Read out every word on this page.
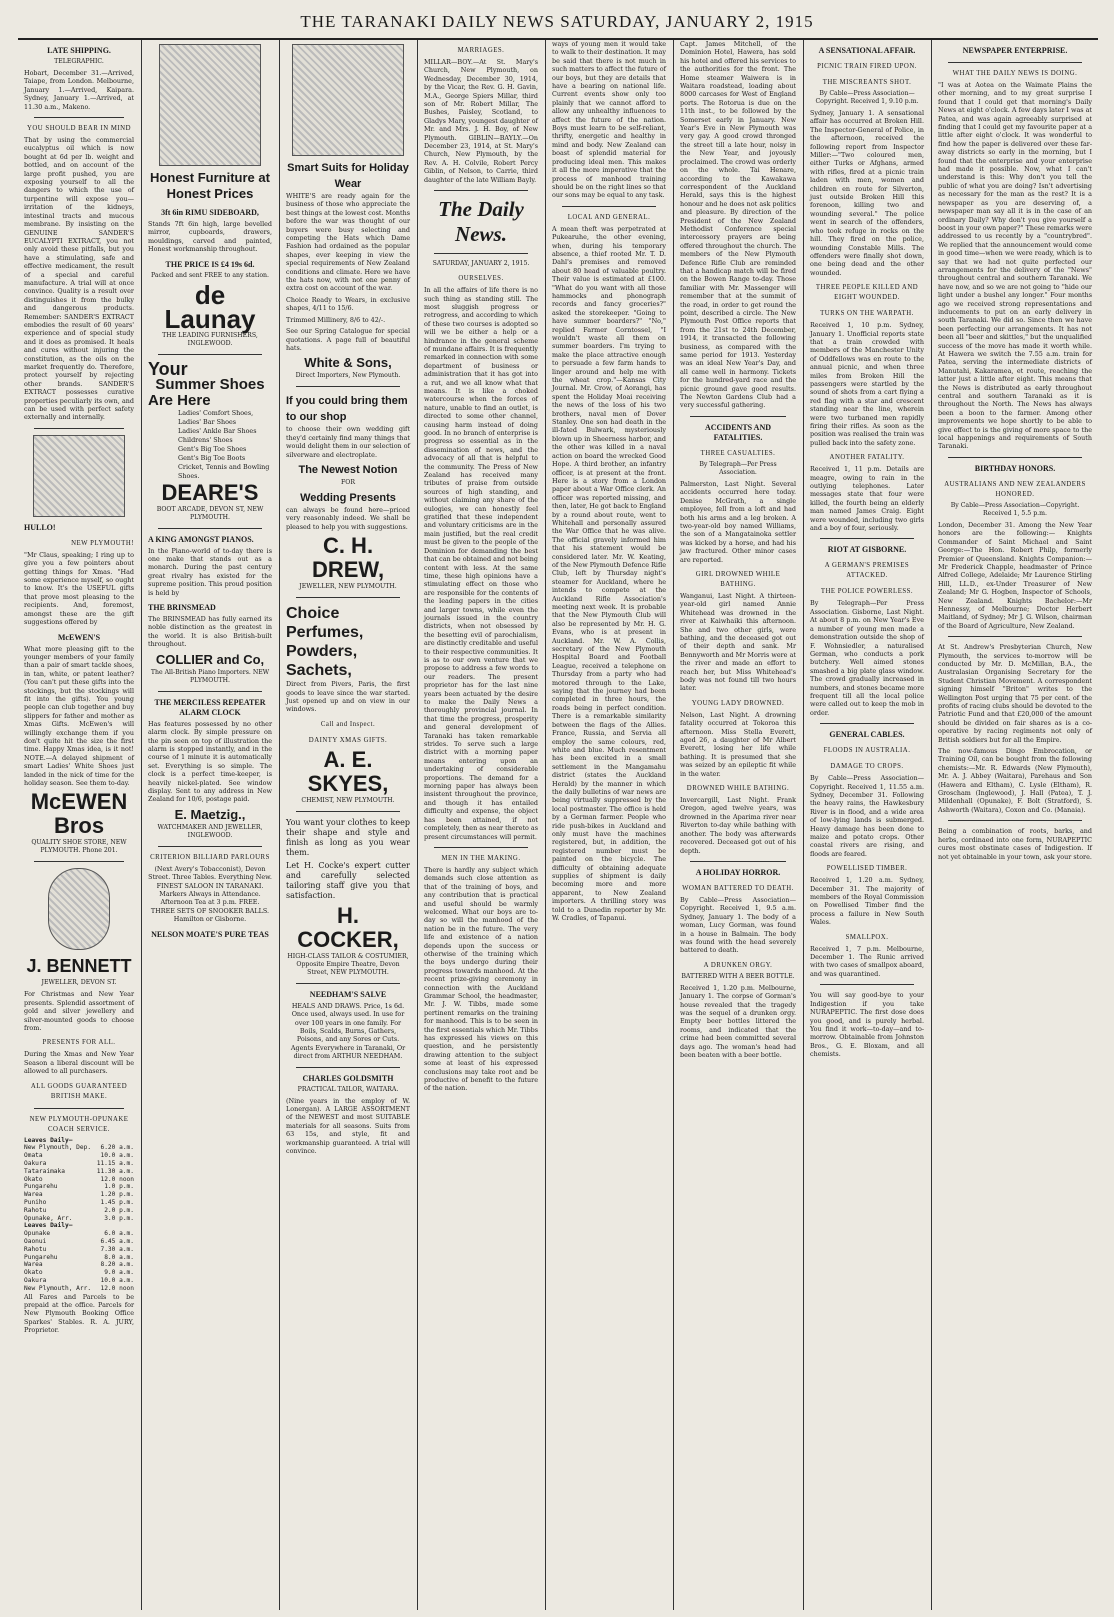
THE TARANAKI DAILY NEWS SATURDAY, JANUARY 2, 1915
LATE SHIPPING.
TELEGRAPHIC.

Hobart, December 31.—Arrived, Taiape, from London. Melbourne, January 1.—Arrived, Kaipara. Sydney, January 1.—Arrived, at 11.30 a.m., Makeno.

YOU SHOULD BEAR IN MIND

That by using the commercial eucalyptus oil which is now bought at 6d per lb. weight and bottled, and on account of the large profit pushed, you are exposing yourself to all the dangers to which the use of turpentine will expose you—irritation of the kidneys, intestinal tracts and mucous membrane. By insisting on the GENUINE SANDER'S EUCALYPTI EXTRACT, you not only avoid these pitfalls, but you have a stimulating, safe and effective medicament, the result of a special and careful manufacture. A trial will at once convince. Quality is a result over distinguishes it from the bulky and dangerous products. Remember: SANDER'S EXTRACT embodies the result of 60 years' experience and of special study and it does as promised. It heals and cures without injuring the constitution, as the oils on the market frequently do. Therefore, protect yourself by rejecting other brands. SANDER'S EXTRACT possesses curative properties peculiarly its own, and can be used with perfect safety externally and internally.

HULLO!
NEW PLYMOUTH!

"Mr Claus, speaking; I ring up to give you a few pointers about getting things for Xmas. "Had some experience myself, so ought to know. It's the USEFUL gifts that prove most pleasing to the recipients. And, foremost, amongst these are the gift suggestions offered by

McEWEN'S

What more pleasing gift to the younger members of your family than a pair of smart tackle shoes, in tan, white, or patent leather? (You can't put these gifts into the stockings, but the stockings will fit into the gifts). You young people can club together and buy slippers for father and mother as Xmas Gifts. McEwen's will willingly exchange them if you don't quite hit the size the first time. Happy Xmas idea, is it not! NOTE.—A delayed shipment of smart Ladies' White Shoes just landed in the nick of time for the holiday season. See them to-day.

McEWEN Bros
QUALITY SHOE STORE, NEW PLYMOUTH. Phone 201.
J. BENNETT
JEWELLER, DEVON ST.

For Christmas and New Year presents. Splendid assortment of gold and silver jewellery and silver-mounted goods to choose from.

PRESENTS FOR ALL.

During the Xmas and New Year Season a liberal discount will be allowed to all purchasers.

ALL GOODS GUARANTEED BRITISH MAKE.
NEW PLYMOUTH-OPUNAKE COACH SERVICE.
Leaves Daily—
New Plymouth, Dep. 6.20 a.m.
Omata	10.0 a.m.
Oakura	11.15 a.m.
Tataraimaka	11.30 a.m.
Okato	12.0 noon
Pungarehu	1.0 p.m.
Warea	1.20 p.m.
Puniho	1.45 p.m.
Rahotu	2.0 p.m.
Opunake, Arr.	3.0 p.m.
Leaves Daily—
Opunake	6.0 a.m.
Oaonui	6.45 a.m.
Rahotu	7.30 a.m.
Pungarehu	8.0 a.m.
Warea	8.20 a.m.
Okato	9.0 a.m.
Oakura	10.0 a.m.
New Plymouth, Arr. 12.0 noon

All Fares and Parcels to be prepaid at the office. Parcels for New Plymouth Booking Office Sparkes' Stables. R. A. JURY, Proprietor.

Honest Furniture at Honest Prices
3ft 6in RIMU SIDEBOARD,

Stands 7ft 6in high, large bevelled mirror, cupboards, drawers, mouldings, carved and painted, Honest workmanship throughout.

THE PRICE IS £4 19s 6d.
Packed and sent FREE to any station.
de Launay
THE LEADING FURNISHERS, INGLEWOOD.
Your
Summer Shoes
Are Here
Ladies' Comfort Shoes,
Ladies' Bar Shoes
Ladies' Ankle Bar Shoes
Childrens' Shoes
Gent's Big Toe Shoes
Gent's Big Toe Boots
Cricket, Tennis and Bowling Shoes.
DEARE'S
BOOT ARCADE, DEVON ST, NEW PLYMOUTH.
A KING AMONGST PIANOS.

In the Piano-world of to-day there is one make that stands out as a monarch. During the past century great rivalry has existed for the supreme position. This proud position is held by

THE BRINSMEAD

The BRINSMEAD has fully earned its noble distinction as the greatest in the world. It is also British-built throughout.

COLLIER and Co,
The All-British Piano Importers. NEW PLYMOUTH.
THE MERCILESS REPEATER ALARM CLOCK

Has features possessed by no other alarm clock. By simple pressure on the pin seen on top of illustration the alarm is stopped instantly, and in the course of 1 minute it is automatically set. Everything is so simple. The clock is a perfect time-keeper, is heavily nickel-plated. See window display. Sent to any address in New Zealand for 10/6, postage paid.

E. Maetzig.,
WATCHMAKER AND JEWELLER, INGLEWOOD.
CRITERION BILLIARD PARLOURS

(Next Avery's Tobacconist), Devon Street. Three Tables. Everything New. FINEST SALOON IN TARANAKI. Markers Always in Attendance. Afternoon Tea at 3 p.m. FREE. THREE SETS OF SNOOKER BALLS. Hamilton or Gisborne.

NELSON MOATE'S PURE TEAS
Smart Suits for Holiday Wear

WHITE'S are ready again for the business of those who appreciate the best things at the lowest cost. Months before the war was thought of our buyers were busy selecting and competing the Hats which Dame Fashion had ordained as the popular shapes, ever keeping in view the special requirements of New Zealand conditions and climate. Here we have the hats now, with not one penny of extra cost on account of the war.

Choice Ready to Wears, in exclusive shapes, 4/11 to 15/6.

Trimmed Millinery, 8/6 to 42/-.

See our Spring Catalogue for special quotations. A page full of beautiful hats.

White & Sons,
Direct Importers, New Plymouth.
If you could bring them to our shop

to choose their own wedding gift they'd certainly find many things that would delight them in our selection of silverware and electroplate.

The Newest Notion
FOR
Wedding Presents

can always be found here—priced very reasonably indeed. We shall be pleased to help you with suggestions.

C. H. DREW,
JEWELLER, NEW PLYMOUTH.
Choice Perfumes, Powders, Sachets,

Direct from Pivers, Paris, the first goods to leave since the war started. Just opened up and on view in our windows.

Call and Inspect.
DAINTY XMAS GIFTS.
A. E. SKYES,
CHEMIST, NEW PLYMOUTH.

You want your clothes to keep their shape and style and finish as long as you wear them.

Let H. Cocke's expert cutter and carefully selected tailoring staff give you that satisfaction.

H. COCKER,
HIGH-CLASS TAILOR & COSTUMIER, Opposite Empire Theatre, Devon Street, NEW PLYMOUTH.
NEEDHAM'S SALVE

HEALS AND DRAWS. Price, 1s 6d. Once used, always used. In use for over 100 years in one family. For Boils, Scalds, Burns, Gathers, Poisons, and any Sores or Cuts. Agents Everywhere in Taranaki, Or direct from ARTHUR NEEDHAM.

CHARLES GOLDSMITH
PRACTICAL TAILOR, WAITARA.

(Nine years in the employ of W. Lonergan). A LARGE ASSORTMENT of the NEWEST and most SUITABLE materials for all seasons. Suits from 63 15s, and style, fit and workmanship guaranteed. A trial will convince.

MARRIAGES.

MILLAR—BOY.—At St. Mary's Church, New Plymouth, on Wednesday, December 30, 1914, by the Vicar, the Rev. G. H. Gavin, M.A., George Spiers Millar, third son of Mr. Robert Millar, The Bushes, Paisley, Scotland, to Gladys Mary, youngest daughter of Mr. and Mrs. J. H. Boy, of New Plymouth. GIBLIN—BAYLY.—On December 23, 1914, at St. Mary's Church, New Plymouth, by the Rev. A. H. Colvile, Robert Percy Giblin, of Nelson, to Carrie, third daughter of the late William Bayly.

The Daily News.
SATURDAY, JANUARY 2, 1915.
OURSELVES.

In all the affairs of life there is no such thing as standing still. The most sluggish progress or retrogress, and according to which of these two courses is adopted so will we be either a help or a hindrance in the general scheme of mundane affairs. It is frequently remarked in connection with some department of business or administration that it has got into a rut, and we all know what that means. It is like a choked watercourse when the forces of nature, unable to find an outlet, is directed to some other channel, causing harm instead of doing good. In no branch of enterprise is progress so essential as in the dissemination of news, and the advocacy of all that is helpful to the community. The Press of New Zealand has received many tributes of praise from outside sources of high standing, and without claiming any share of the eulogies, we can honestly feel gratified that these independent and voluntary criticisms are in the main justified, but the real credit must be given to the people of the Dominion for demanding the best that can be obtained and not being content with less. At the same time, these high opinions have a stimulating effect on those who are responsible for the contents of the leading papers in the cities and larger towns, while even the journals issued in the country districts, when not obsessed by the besetting evil of parochialism, are distinctly creditable and useful to their respective communities. It is as to our own venture that we propose to address a few words to our readers. The present proprietor has for the last nine years been actuated by the desire to make the Daily News a thoroughly provincial journal. In that time the progress, prosperity and general development of Taranaki has taken remarkable strides. To serve such a large district with a morning paper means entering upon an undertaking of considerable proportions. The demand for a morning paper has always been insistent throughout the province, and though it has entailed difficulty and expense, the object has been attained, if not completely, then as near thereto as present circumstances will permit.

MEN IN THE MAKING.

There is hardly any subject which demands such close attention as that of the training of boys, and any contribution that is practical and useful should be warmly welcomed. What our boys are to-day so will the manhood of the nation be in the future. The very life and existence of a nation depends upon the success or otherwise of the training which the boys undergo during their progress towards manhood. At the recent prize-giving ceremony in connection with the Auckland Grammar School, the headmaster, Mr. J. W. Tibbs, made some pertinent remarks on the training for manhood. This is to be seen in the first essentials which Mr. Tibbs has expressed his views on this question, and he persistently drawing attention to the subject some at least of his expressed conclusions may take root and be productive of benefit to the future of the nation.

ways of young men it would take to walk to their destination. It may be said that there is not much in such matters to affect the future of our boys, but they are details that have a bearing on national life. Current events show only too plainly that we cannot afford to allow any unhealthy influences to affect the future of the nation. Boys must learn to be self-reliant, thrifty, energetic and healthy in mind and body. New Zealand can boast of splendid material for producing ideal men. This makes it all the more imperative that the process of manhood training should be on the right lines so that our sons may be equal to any task.

LOCAL AND GENERAL.

A mean theft was perpetrated at Pukearuhe, the other evening, when, during his temporary absence, a thief rooted Mr. T. D. Dahl's premises and removed about 80 head of valuable poultry. Their value is estimated at £100. "What do you want with all those hammocks and phonograph records and fancy groceries?" asked the storekeeper. "Going to have summer boarders?" "No," replied Farmer Corntossel, "I wouldn't waste all them on summer boarders. I'm trying to make the place attractive enough to persuade a few farm hands to linger around and help me with the wheat crop."—Kansas City Journal. Mr. Crow, of Aorangi, has spent the Holiday Moai receiving the news of the loss of his two brothers, naval men of Dover Stanley. One son had death in the ill-fated Bulwark, mysteriously blown up in Sheerness harbor, and the other was killed in a naval action on board the wrecked Good Hope. A third brother, an infantry officer, is at present at the front. Here is a story from a London paper about a War Office clerk. An officer was reported missing, and then, later, He got back to England by a round about route, went to Whitehall and personally assured the War Office that he was alive. The official gravely informed him that his statement would be considered later. Mr. W. Keating, of the New Plymouth Defence Rifle Club, left by Thursday night's steamer for Auckland, where he intends to compete at the Auckland Rifle Association's meeting next week. It is probable that the New Plymouth Club will also be represented by Mr. H. G. Evans, who is at present in Auckland. Mr. W. A. Collis, secretary of the New Plymouth Hospital Board and Football League, received a telephone on Thursday from a party who had motored through to the Lake, saying that the journey had been completed in three hours, the roads being in perfect condition. There is a remarkable similarity between the flags of the Allies. France, Russia, and Servia all employ the same colours, red, white and blue. Much resentment has been excited in a small settlement in the Mangamahu district (states the Auckland Herald) by the manner in which the daily bulletins of war news are being virtually suppressed by the local postmaster. The office is held by a German farmer. People who ride push-bikes in Auckland and only must have the machines registered, but, in addition, the registered number must be painted on the bicycle. The difficulty of obtaining adequate supplies of shipment is daily becoming more and more apparent, to New Zealand importers. A thrilling story was told to a Dunedin reporter by Mr. W. Cradles, of Tapanui.

Capt. James Mitchell, of the Dominion Hotel, Hawera, has sold his hotel and offered his services to the authorities for the front. The Home steamer Waiwera is in Waitara roadstead, loading about 8000 carcases for West of England ports. The Rotorua is due on the 11th inst., to be followed by the Somerset early in January. New Year's Eve in New Plymouth was very gay. A good crowd thronged the street till a late hour, noisy in the New Year, and joyously proclaimed. The crowd was orderly on the whole. Tai Henare, according to the Kawakawa correspondent of the Auckland Herald, says this is the highest honour and he does not ask politics and pleasure. By direction of the President of the New Zealand Methodist Conference special intercessory prayers are being offered throughout the church. The members of the New Plymouth Defence Rifle Club are reminded that a handicap match will be fired on the Bowen Range to-day. Those familiar with Mr. Massenger will remember that at the summit of the road, in order to get round the point, described a circle. The New Plymouth Post Office reports that from the 21st to 24th December, 1914, it transacted the following business, as compared with the same period for 1913. Yesterday was an ideal New Year's Day, and all came well in harmony. Tickets for the hundred-yard race and the picnic ground gave good results. The Newton Gardens Club had a very successful gathering.

ACCIDENTS AND FATALITIES.
THREE CASUALTIES.
By Telegraph—Per Press Association.

Palmerston, Last Night. Several accidents occurred here today. Denise McGrath, a single employee, fell from a loft and had both his arms and a leg broken. A two-year-old boy named Williams, the son of a Mangatainoka settler was kicked by a horse, and had his jaw fractured. Other minor cases are reported.

GIRL DROWNED WHILE BATHING.

Wanganui, Last Night. A thirteen-year-old girl named Annie Whitehead was drowned in the river at Kaiwhaiki this afternoon. She and two other girls, were bathing, and the deceased got out of their depth and sank. Mr Bennyworth and Mr Morris were at the river and made an effort to reach her, but Miss Whitehead's body was not found till two hours later.

YOUNG LADY DROWNED.

Nelson, Last Night. A drowning fatality occurred at Tokoroa this afternoon. Miss Stella Everett, aged 26, a daughter of Mr Albert Everett, losing her life while bathing. It is presumed that she was seized by an epileptic fit while in the water.

DROWNED WHILE BATHING.

Invercargill, Last Night. Frank Oregon, aged twelve years, was drowned in the Aparima river near Riverton to-day while bathing with another. The body was afterwards recovered. Deceased got out of his depth.

A HOLIDAY HORROR.
WOMAN BATTERED TO DEATH.

By Cable—Press Association—Copyright. Received 1, 9.5 a.m. Sydney, January 1. The body of a woman, Lucy Gorman, was found in a house in Balmain. The body was found with the head severely battered to death.

A DRUNKEN ORGY.
BATTERED WITH A BEER BOTTLE.

Received 1, 1.20 p.m. Melbourne, January 1. The corpse of Gorman's house revealed that the tragedy was the sequel of a drunken orgy. Empty beer bottles littered the rooms, and indicated that the crime had been committed several days ago. The woman's head had been beaten with a beer bottle.

A SENSATIONAL AFFAIR.
PICNIC TRAIN FIRED UPON.
THE MISCREANTS SHOT.
By Cable—Press Association—Copyright. Received 1, 9.10 p.m.

Sydney, January 1. A sensational affair has occurred at Broken Hill. The Inspector-General of Police, in the afternoon, received the following report from Inspector Miller:—"Two coloured men, either Turks or Afghans, armed with rifles, fired at a picnic train laden with men, women and children en route for Silverton, just outside Broken Hill this forenoon, killing two and wounding several." The police went in search of the offenders, who took refuge in rocks on the hill. They fired on the police, wounding Constable Mills. The offenders were finally shot down, one being dead and the other wounded.

THREE PEOPLE KILLED AND EIGHT WOUNDED.
TURKS ON THE WARPATH.

Received 1, 10 p.m. Sydney, January 1. Unofficial reports state that a train crowded with members of the Manchester Unity of Oddfellows was en route to the annual picnic, and when three miles from Broken Hill the passengers were startled by the sound of shots from a cart flying a red flag with a star and crescent standing near the line, wherein were two turbaned men rapidly firing their rifles. As soon as the position was realised the train was pulled back into the safety zone.

ANOTHER FATALITY.

Received 1, 11 p.m. Details are meagre, owing to rain in the outlying telephones. Later messages state that four were killed, the fourth being an elderly man named James Craig. Eight were wounded, including two girls and a boy of four, seriously.

RIOT AT GISBORNE.
A GERMAN'S PREMISES ATTACKED.
THE POLICE POWERLESS.

By Telegraph—Per Press Association. Gisborne, Last Night. At about 8 p.m. on New Year's Eve a number of young men made a demonstration outside the shop of F. Wohnsiedler, a naturalised German, who conducts a pork butchery. Well aimed stones smashed a big plate glass window. The crowd gradually increased in numbers, and stones became more frequent till all the local police were called out to keep the mob in order.

GENERAL CABLES.
FLOODS IN AUSTRALIA.
DAMAGE TO CROPS.

By Cable—Press Association—Copyright. Received 1, 11.55 a.m. Sydney, December 31. Following the heavy rains, the Hawkesbury River is in flood, and a wide area of low-lying lands is submerged. Heavy damage has been done to maize and potato crops. Other coastal rivers are rising, and floods are feared.

POWELLISED TIMBER.

Received 1, 1.20 a.m. Sydney, December 31. The majority of members of the Royal Commission on Powellised Timber find the process a failure in New South Wales.

SMALLPOX.

Received 1, 7 p.m. Melbourne, December 1. The Runic arrived with two cases of smallpox aboard, and was quarantined.

You will say good-bye to your Indigestion if you take NURAPEPTIC. The first dose does you good, and is purely herbal. You find it work—to-day—and to-morrow. Obtainable from Johnston Bros., G. E. Bloxam, and all chemists.

NEWSPAPER ENTERPRISE.
WHAT THE DAILY NEWS IS DOING.

"I was at Aotea on the Waimate Plains the other morning, and to my great surprise I found that I could get that morning's Daily News at eight o'clock. A few days later I was at Patea, and was again agreeably surprised at finding that I could get my favourite paper at a little after eight o'clock. It was wonderful to find how the paper is delivered over these far-away districts so early in the morning, but I found that the enterprise and your enterprise had made it possible. Now, what I can't understand is this: Why don't you tell the public of what you are doing? Isn't advertising as necessary for the man as the rest? It is a newspaper as you are deserving of, a newspaper man say all it is in the case of an ordinary Daily? Why don't you give yourself a boost in your own paper?" These remarks were addressed to us recently by a "countrybred". We replied that the announcement would come in good time—when we were ready, which is to say that we had not quite perfected our arrangements for the delivery of the "News" throughout central and southern Taranaki. We have now, and so we are not going to "hide our light under a bushel any longer." Four months ago we received strong representations and inducements to put on an early delivery in south Taranaki. We did so. Since then we have been perfecting our arrangements. It has not been all "beer and skittles," but the unqualified success of the move has made it worth while. At Hawera we switch the 7.55 a.m. train for Patea, serving the intermediate districts of Manutahi, Kakaramea, et route, reaching the latter just a little after eight. This means that the News is distributed as early throughout central and southern Taranaki as it is throughout the North. The News has always been a boon to the farmer. Among other improvements we hope shortly to be able to give effect to is the giving of more space to the local happenings and requirements of South Taranaki.

BIRTHDAY HONORS.
AUSTRALIANS AND NEW ZEALANDERS HONORED.
By Cable—Press Association—Copyright. Received 1, 5.5 p.m.

London, December 31. Among the New Year honors are the following:— Knights Commander of Saint Michael and Saint George:—The Hon. Robert Philp, formerly Premier of Queensland. Knights Companion:—Mr Frederick Chapple, headmaster of Prince Alfred College, Adelaide; Mr Laurence Stirling Hill, LL.D., ex-Under Treasurer of New Zealand; Mr G. Hogben, Inspector of Schools, New Zealand. Knights Bachelor:—Mr Hennessy, of Melbourne; Doctor Herbert Maitland, of Sydney; Mr J. G. Wilson, chairman of the Board of Agriculture, New Zealand.

At St. Andrew's Presbyterian Church, New Plymouth, the services to-morrow will be conducted by Mr. D. McMillan, B.A., the Australasian Organising Secretary for the Student Christian Movement. A correspondent signing himself "Briton" writes to the Wellington Post urging that 75 per cent. of the profits of racing clubs should be devoted to the Patriotic Fund and that £20,000 of the amount should be divided on fair shares as is a co-operative by racing regiments not only of British soldiers but for all the Empire.

The now-famous Dingo Embrocation, or Training Oil, can be bought from the following chemists:—Mr. R. Edwards (New Plymouth), Mr. A. J. Abbey (Waitara), Parehaus and Son (Hawera and Eltham), C. Lysle (Eltham), R. Groscham (Inglewood), J. Hall (Patea), T. J. Mildenhall (Opunake), F. Bolt (Stratford), S. Ashworth (Waitara), Coxon and Co. (Manaia).

Being a combination of roots, barks, and herbs, cordinaed into one form, NURAPEPTIC cures most obstinate cases of Indigestion. If not yet obtainable in your town, ask your store.
